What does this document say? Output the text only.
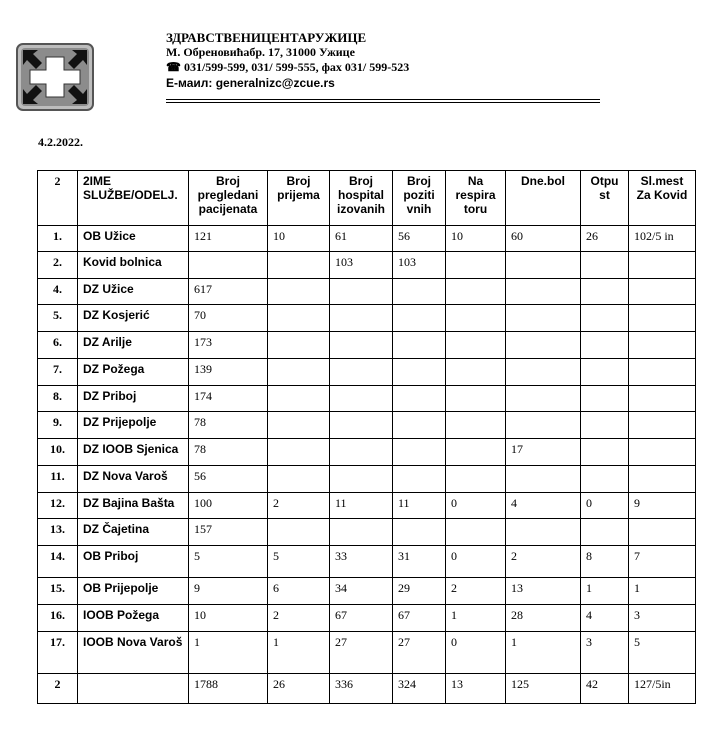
ЗДРАВСТВЕНИЦЕНТАРУЖИЦЕ
М. Обреновићабр. 17, 31000 Ужице
☎ 031/599-599, 031/ 599-555, фах 031/ 599-523
Е-маил: generalnizc@zcue.rs
4.2.2022.
2	2IME SLUŽBE/ODELJ.	Broj pregledani pacijenata	Broj prijema	Broj hospital izovanih	Broj poziti vnih	Na respira toru	Dne.bol	Otpu st	Sl.mest Za Kovid
1.	OB Užice	121	10	61	56	10	60	26	102/5 in
2.	Kovid bolnica			103	103				
4.	DZ Užice	617							
5.	DZ Kosjerić	70							
6.	DZ Arilje	173							
7.	DZ Požega	139							
8.	DZ Priboj	174							
9.	DZ Prijepolje	78							
10.	DZ IOOB Sjenica	78					17		
11.	DZ Nova Varoš	56							
12.	DZ Bajina Bašta	100	2	11	11	0	4	0	9
13.	DZ Čajetina	157							
14.	OB Priboj	5	5	33	31	0	2	8	7
15.	OB Prijepolje	9	6	34	29	2	13	1	1
16.	IOOB Požega	10	2	67	67	1	28	4	3
17.	IOOB Nova Varoš	1	1	27	27	0	1	3	5
2		1788	26	336	324	13	125	42	127/5in
